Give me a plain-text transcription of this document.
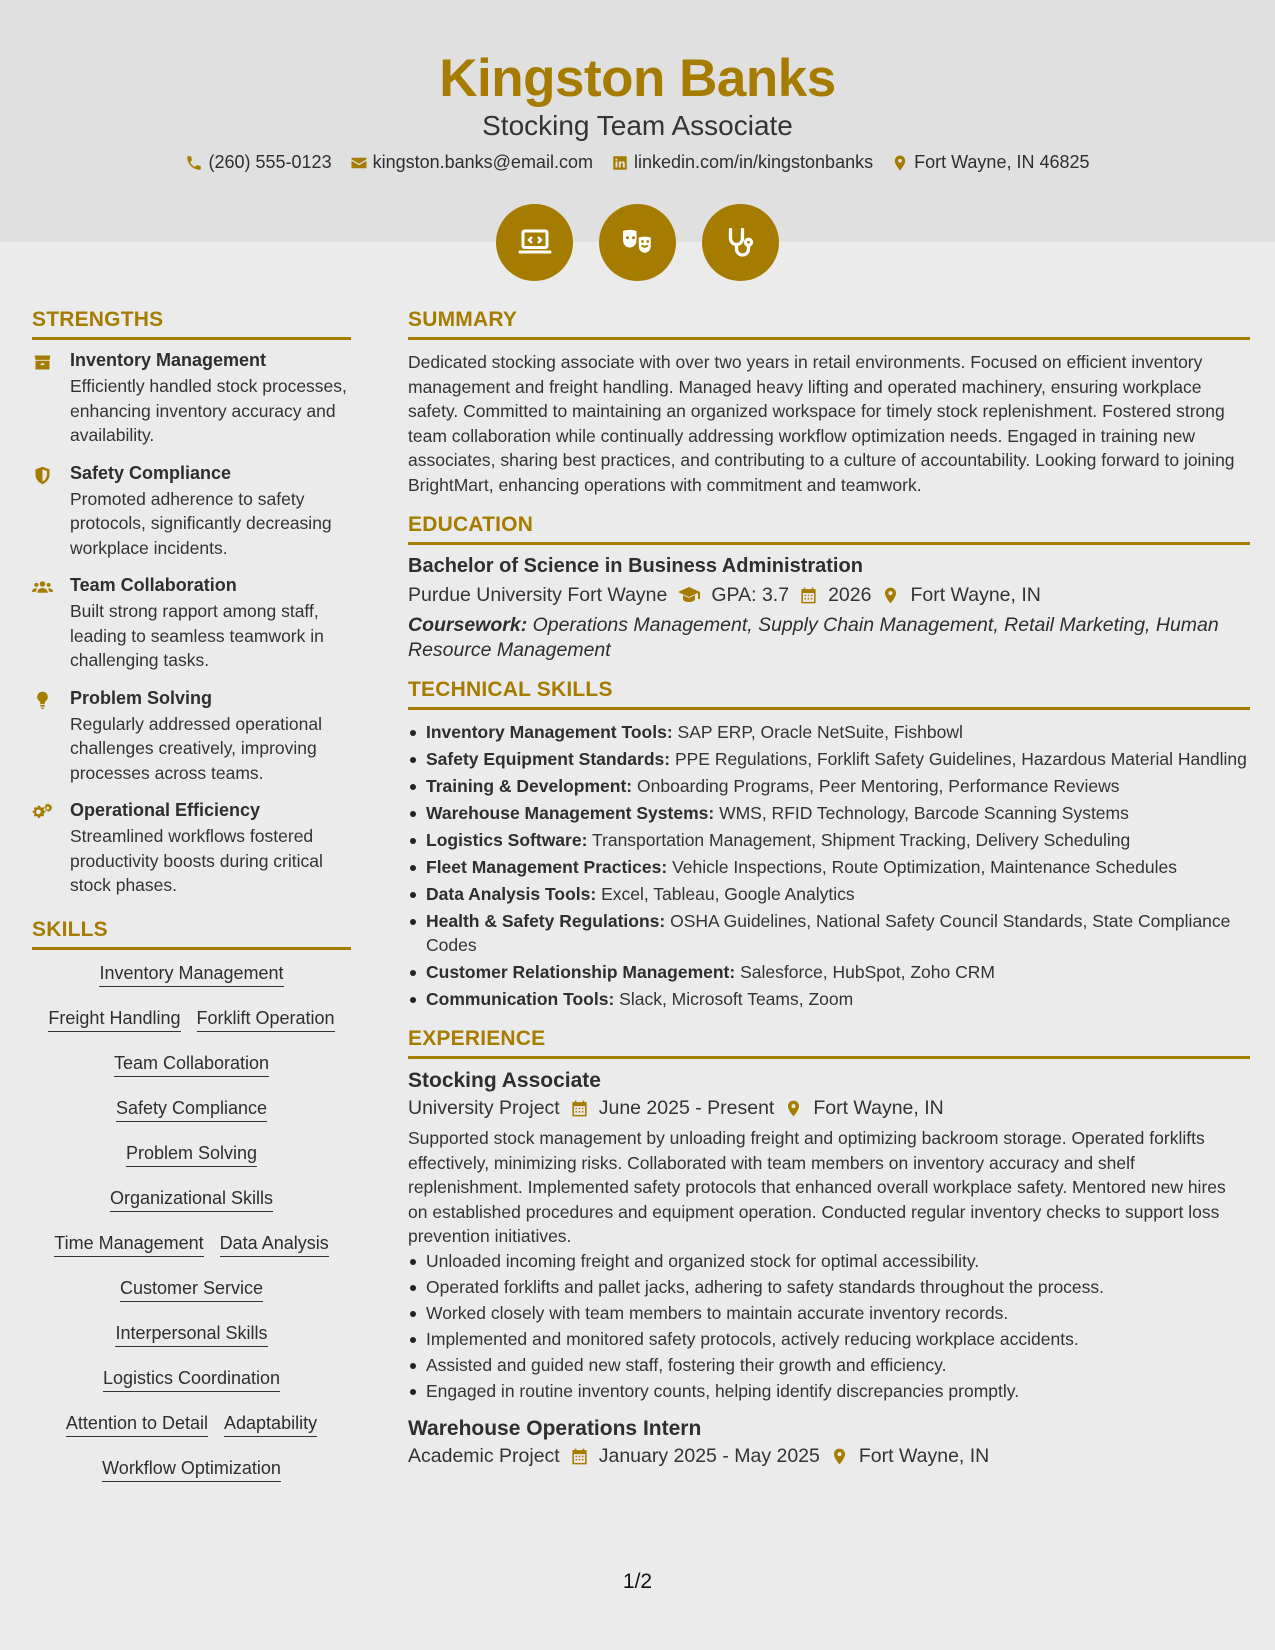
Kingston Banks
Stocking Team Associate
(260) 555-0123 kingston.banks@email.com linkedin.com/in/kingstonbanks Fort Wayne, IN 46825
STRENGTHS
Inventory Management
Efficiently handled stock processes, enhancing inventory accuracy and availability.
Safety Compliance
Promoted adherence to safety protocols, significantly decreasing workplace incidents.
Team Collaboration
Built strong rapport among staff, leading to seamless teamwork in challenging tasks.
Problem Solving
Regularly addressed operational challenges creatively, improving processes across teams.
Operational Efficiency
Streamlined workflows fostered productivity boosts during critical stock phases.
SKILLS
Inventory Management
Freight Handling Forklift Operation
Team Collaboration
Safety Compliance
Problem Solving
Organizational Skills
Time Management Data Analysis
Customer Service
Interpersonal Skills
Logistics Coordination
Attention to Detail Adaptability
Workflow Optimization
SUMMARY
Dedicated stocking associate with over two years in retail environments. Focused on efficient inventory management and freight handling. Managed heavy lifting and operated machinery, ensuring workplace safety. Committed to maintaining an organized workspace for timely stock replenishment. Fostered strong team collaboration while continually addressing workflow optimization needs. Engaged in training new associates, sharing best practices, and contributing to a culture of accountability. Looking forward to joining BrightMart, enhancing operations with commitment and teamwork.
EDUCATION
Bachelor of Science in Business Administration
Purdue University Fort Wayne GPA: 3.7 2026 Fort Wayne, IN
Coursework: Operations Management, Supply Chain Management, Retail Marketing, Human Resource Management
TECHNICAL SKILLS
Inventory Management Tools: SAP ERP, Oracle NetSuite, Fishbowl
Safety Equipment Standards: PPE Regulations, Forklift Safety Guidelines, Hazardous Material Handling
Training & Development: Onboarding Programs, Peer Mentoring, Performance Reviews
Warehouse Management Systems: WMS, RFID Technology, Barcode Scanning Systems
Logistics Software: Transportation Management, Shipment Tracking, Delivery Scheduling
Fleet Management Practices: Vehicle Inspections, Route Optimization, Maintenance Schedules
Data Analysis Tools: Excel, Tableau, Google Analytics
Health & Safety Regulations: OSHA Guidelines, National Safety Council Standards, State Compliance Codes
Customer Relationship Management: Salesforce, HubSpot, Zoho CRM
Communication Tools: Slack, Microsoft Teams, Zoom
EXPERIENCE
Stocking Associate
University Project June 2025 - Present Fort Wayne, IN
Supported stock management by unloading freight and optimizing backroom storage. Operated forklifts effectively, minimizing risks. Collaborated with team members on inventory accuracy and shelf replenishment. Implemented safety protocols that enhanced overall workplace safety. Mentored new hires on established procedures and equipment operation. Conducted regular inventory checks to support loss prevention initiatives.
Unloaded incoming freight and organized stock for optimal accessibility.
Operated forklifts and pallet jacks, adhering to safety standards throughout the process.
Worked closely with team members to maintain accurate inventory records.
Implemented and monitored safety protocols, actively reducing workplace accidents.
Assisted and guided new staff, fostering their growth and efficiency.
Engaged in routine inventory counts, helping identify discrepancies promptly.
Warehouse Operations Intern
Academic Project January 2025 - May 2025 Fort Wayne, IN
1/2
